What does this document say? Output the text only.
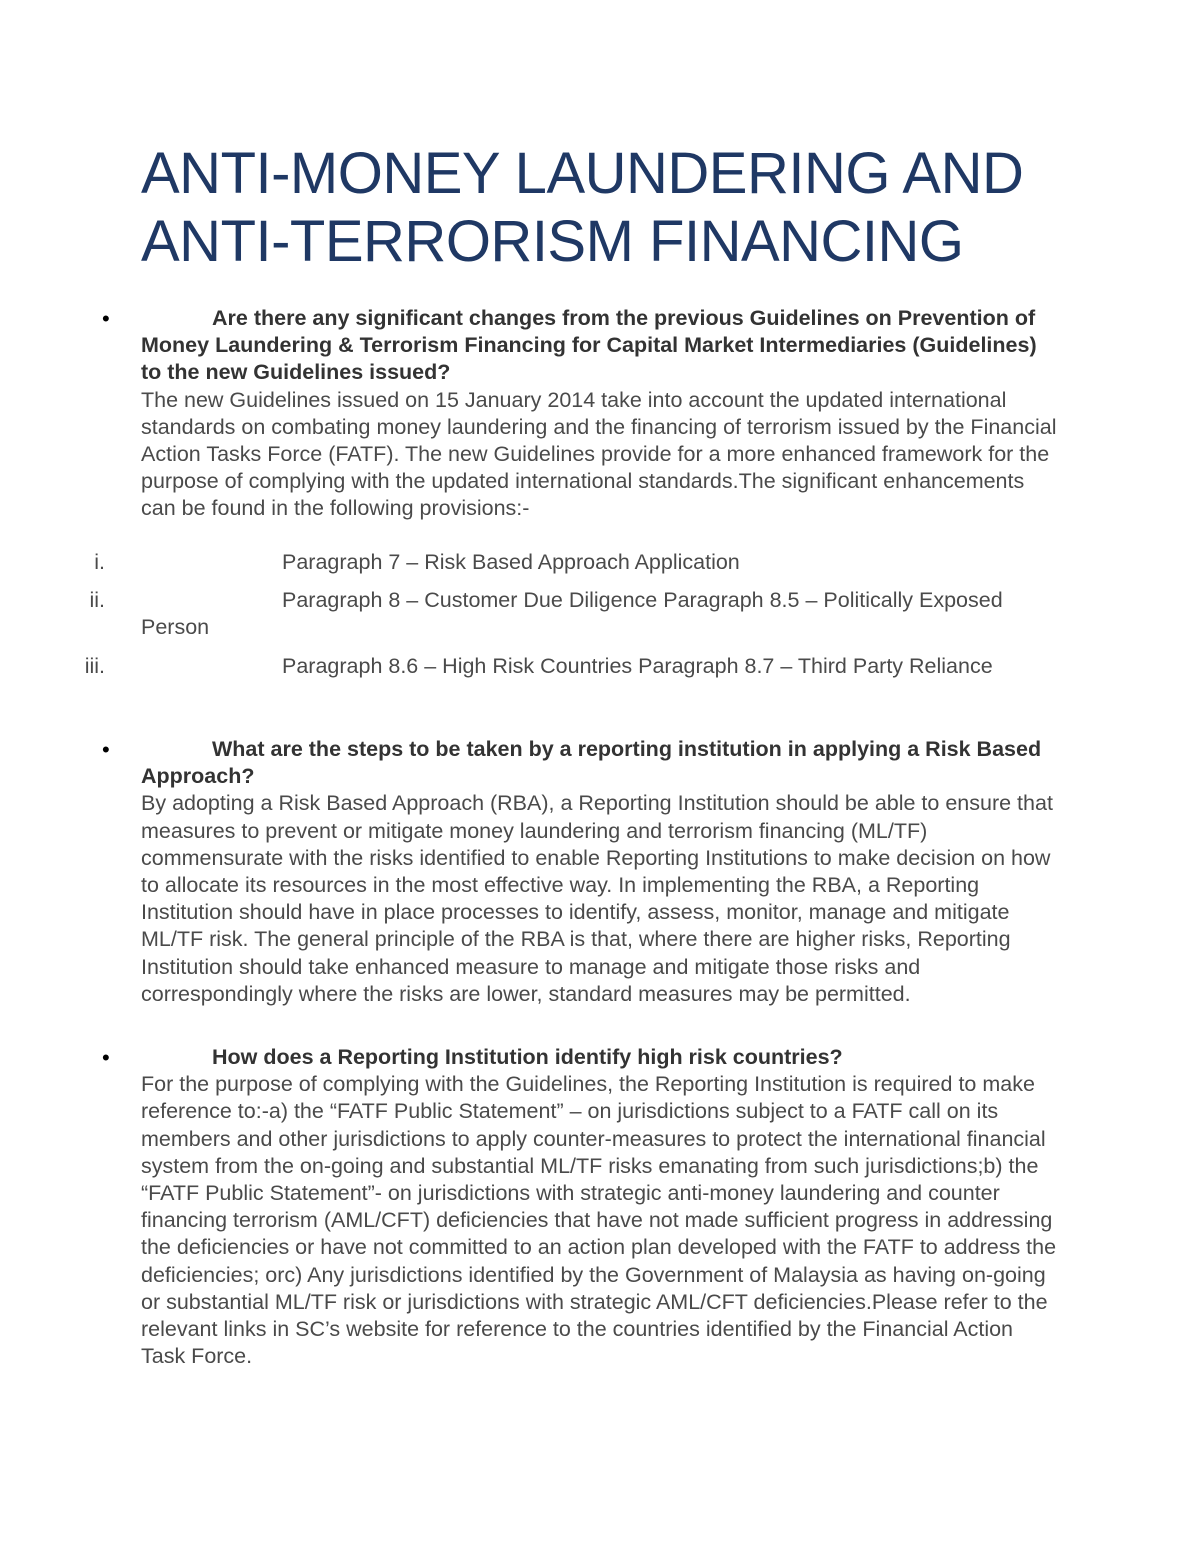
ANTI-MONEY LAUNDERING AND ANTI-TERRORISM FINANCING
•	Are there any significant changes from the previous Guidelines on Prevention of Money Laundering & Terrorism Financing for Capital Market Intermediaries (Guidelines) to the new Guidelines issued?

The new Guidelines issued on 15 January 2014 take into account the updated international standards on combating money laundering and the financing of terrorism issued by the Financial Action Tasks Force (FATF). The new Guidelines provide for a more enhanced framework for the purpose of complying with the updated international standards.The significant enhancements can be found in the following provisions:-

i.	Paragraph 7 – Risk Based Approach Application

ii.	Paragraph 8 – Customer Due Diligence Paragraph 8.5 – Politically Exposed Person

iii.	Paragraph 8.6 – High Risk Countries Paragraph 8.7 – Third Party Reliance

•	What are the steps to be taken by a reporting institution in applying a Risk Based Approach?

By adopting a Risk Based Approach (RBA), a Reporting Institution should be able to ensure that measures to prevent or mitigate money laundering and terrorism financing (ML/TF) commensurate with the risks identified to enable Reporting Institutions to make decision on how to allocate its resources in the most effective way. In implementing the RBA, a Reporting Institution should have in place processes to identify, assess, monitor, manage and mitigate ML/TF risk. The general principle of the RBA is that, where there are higher risks, Reporting Institution should take enhanced measure to manage and mitigate those risks and correspondingly where the risks are lower, standard measures may be permitted.

•	How does a Reporting Institution identify high risk countries?

For the purpose of complying with the Guidelines, the Reporting Institution is required to make reference to:-a) the “FATF Public Statement” – on jurisdictions subject to a FATF call on its members and other jurisdictions to apply counter-measures to protect the international financial system from the on-going and substantial ML/TF risks emanating from such jurisdictions;b) the “FATF Public Statement”- on jurisdictions with strategic anti-money laundering and counter financing terrorism (AML/CFT) deficiencies that have not made sufficient progress in addressing the deficiencies or have not committed to an action plan developed with the FATF to address the deficiencies; orc) Any jurisdictions identified by the Government of Malaysia as having on-going or substantial ML/TF risk or jurisdictions with strategic AML/CFT deficiencies.Please refer to the relevant links in SC’s website for reference to the countries identified by the Financial Action Task Force.
